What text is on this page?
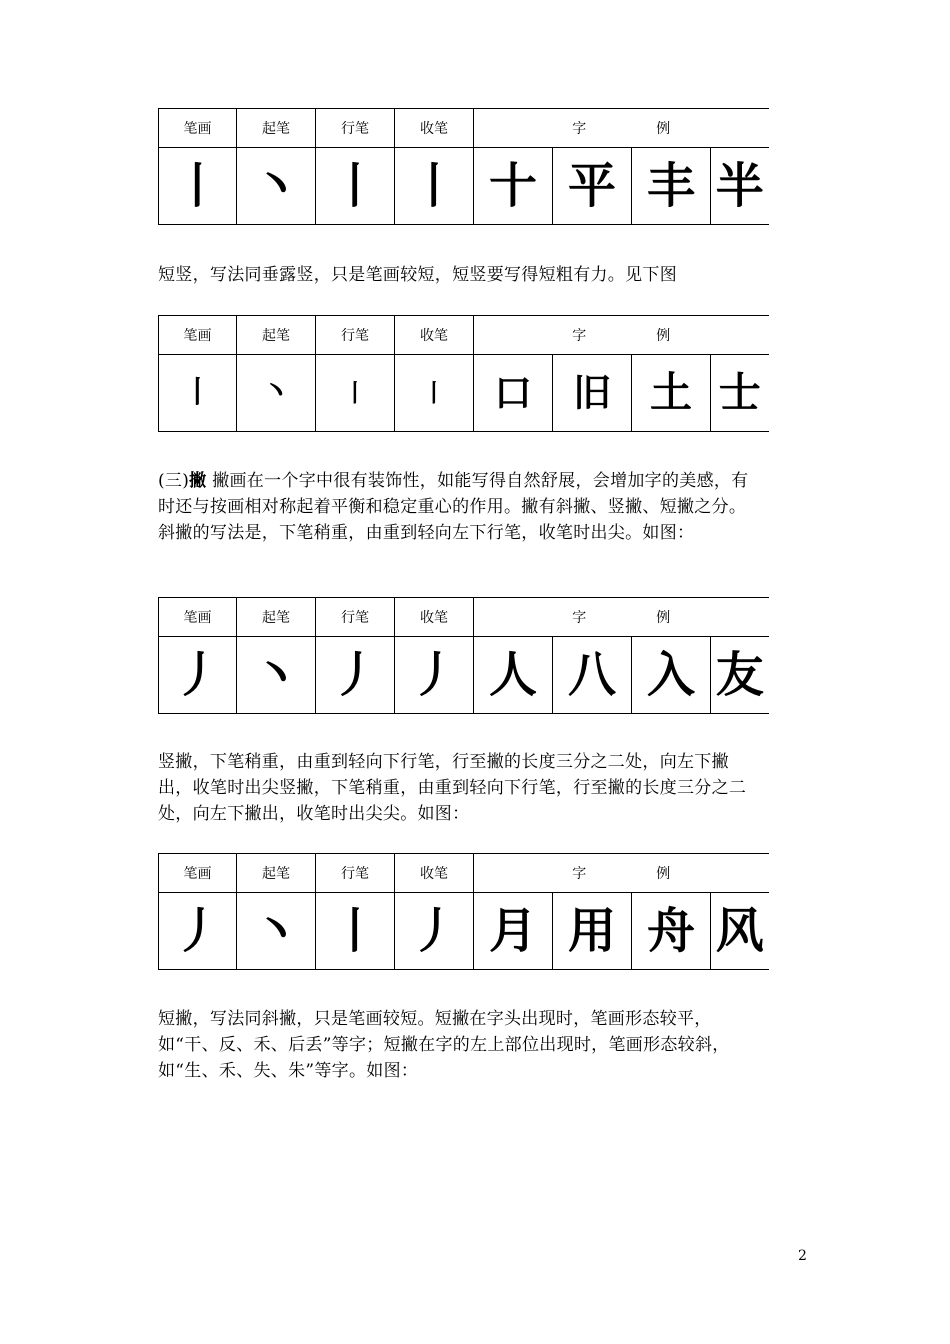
笔画	起笔	行笔	收笔	字 例			
丨	丶	丨	丨	十	平	丰	半

短竖，写法同垂露竖，只是笔画较短，短竖要写得短粗有力。见下图

笔画	起笔	行笔	收笔	字 例			
丨	丶	丨	丨	口	旧	土	士

(三)撇 撇画在一个字中很有装饰性，如能写得自然舒展，会增加字的美感，有时还与按画相对称起着平衡和稳定重心的作用。撇有斜撇、竖撇、短撇之分。斜撇的写法是，下笔稍重，由重到轻向左下行笔，收笔时出尖。如图：

笔画	起笔	行笔	收笔	字 例			
丿	丶	丿	丿	人	八	入	友

竖撇，下笔稍重，由重到轻向下行笔，行至撇的长度三分之二处，向左下撇出，收笔时出尖竖撇，下笔稍重，由重到轻向下行笔，行至撇的长度三分之二处，向左下撇出，收笔时出尖尖。如图：

笔画	起笔	行笔	收笔	字 例			
丿	丶	丨	丿	月	用	舟	风

短撇，写法同斜撇，只是笔画较短。短撇在字头出现时，笔画形态较平，如“干、反、禾、后丢”等字；短撇在字的左上部位出现时，笔画形态较斜，如“生、禾、失、朱”等字。如图：

2
